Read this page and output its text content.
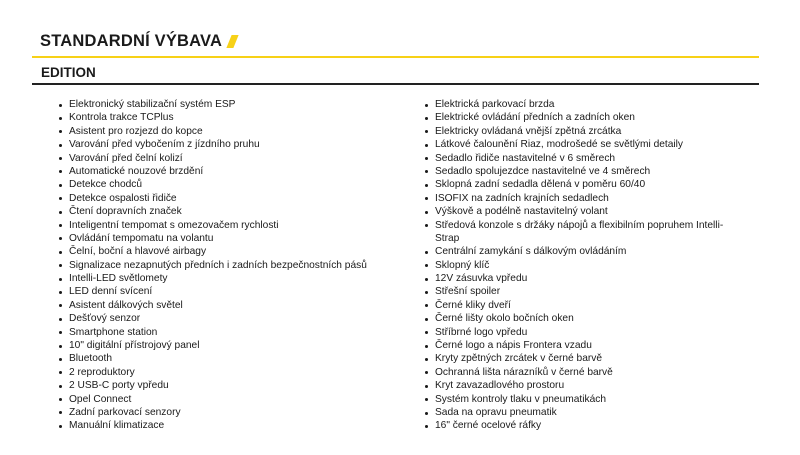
STANDARDNÍ VÝBAVA
EDITION
Elektronický stabilizační systém ESP
Kontrola trakce TCPlus
Asistent pro rozjezd do kopce
Varování před vybočením z jízdního pruhu
Varování před čelní kolizí
Automatické nouzové brzdění
Detekce chodců
Detekce ospalosti řidiče
Čtení dopravních značek
Inteligentní tempomat s omezovačem rychlosti
Ovládání tempomatu na volantu
Čelní, boční a hlavové airbagy
Signalizace nezapnutých předních i zadních bezpečnostních pásů
Intelli-LED světlomety
LED denní svícení
Asistent dálkových světel
Dešťový senzor
Smartphone station
10" digitální přístrojový panel
Bluetooth
2 reproduktory
2 USB-C porty vpředu
Opel Connect
Zadní parkovací senzory
Manuální klimatizace
Elektrická parkovací brzda
Elektrické ovládání předních a zadních oken
Elektricky ovládaná vnější zpětná zrcátka
Látkové čalounění Riaz, modrošedé se světlými detaily
Sedadlo řidiče nastavitelné v 6 směrech
Sedadlo spolujezdce nastavitelné ve 4 směrech
Sklopná zadní sedadla dělená v poměru 60/40
ISOFIX na zadních krajních sedadlech
Výškově a podélně nastavitelný volant
Středová konzole s držáky nápojů a flexibilním popruhem Intelli-Strap
Centrální zamykání s dálkovým ovládáním
Sklopný klíč
12V zásuvka vpředu
Střešní spoiler
Černé kliky dveří
Černé lišty okolo bočních oken
Stříbrné logo vpředu
Černé logo a nápis Frontera vzadu
Kryty zpětných zrcátek v černé barvě
Ochranná lišta nárazníků v černé barvě
Kryt zavazadlového prostoru
Systém kontroly tlaku v pneumatikách
Sada na opravu pneumatik
16" černé ocelové ráfky
